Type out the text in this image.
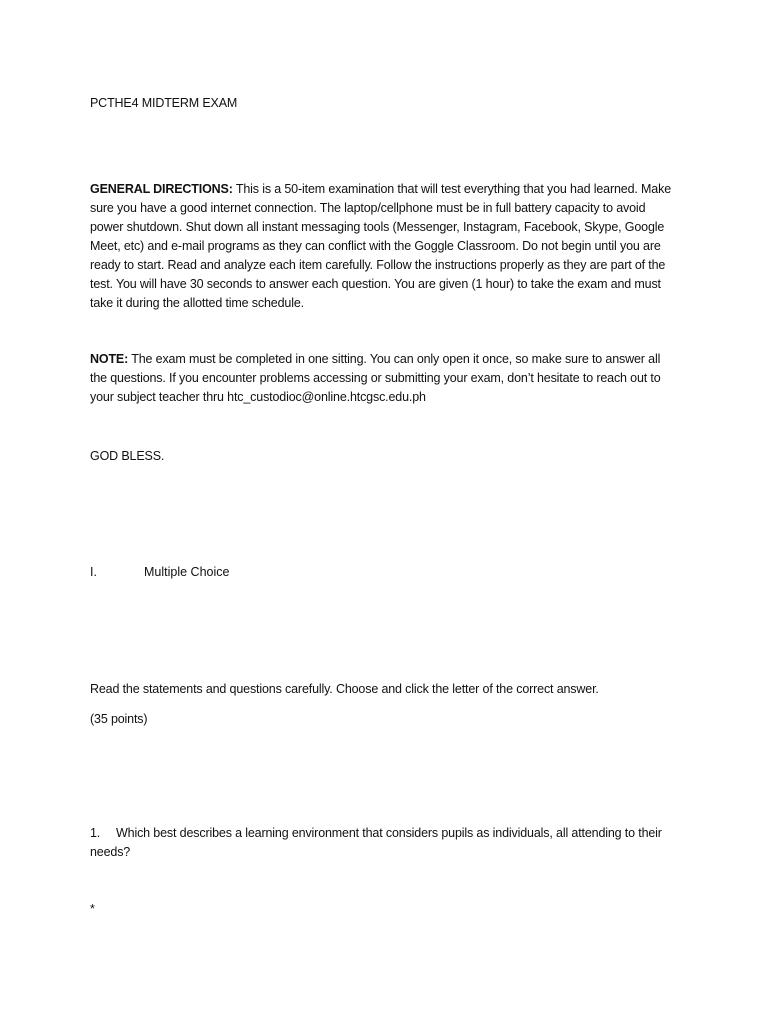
PCTHE4 MIDTERM EXAM
GENERAL DIRECTIONS: This is a 50-item examination that will test everything that you had learned. Make sure you have a good internet connection. The laptop/cellphone must be in full battery capacity to avoid power shutdown. Shut down all instant messaging tools (Messenger, Instagram, Facebook, Skype, Google Meet, etc) and e-mail programs as they can conflict with the Goggle Classroom. Do not begin until you are ready to start. Read and analyze each item carefully. Follow the instructions properly as they are part of the test. You will have 30 seconds to answer each question. You are given (1 hour) to take the exam and must take it during the allotted time schedule.
NOTE: The exam must be completed in one sitting. You can only open it once, so make sure to answer all the questions. If you encounter problems accessing or submitting your exam, don’t hesitate to reach out to your subject teacher thru htc_custodioc@online.htcgsc.edu.ph
GOD BLESS.
I.	Multiple Choice
Read the statements and questions carefully. Choose and click the letter of the correct answer.
(35 points)
1. Which best describes a learning environment that considers pupils as individuals, all attending to their needs?
*
